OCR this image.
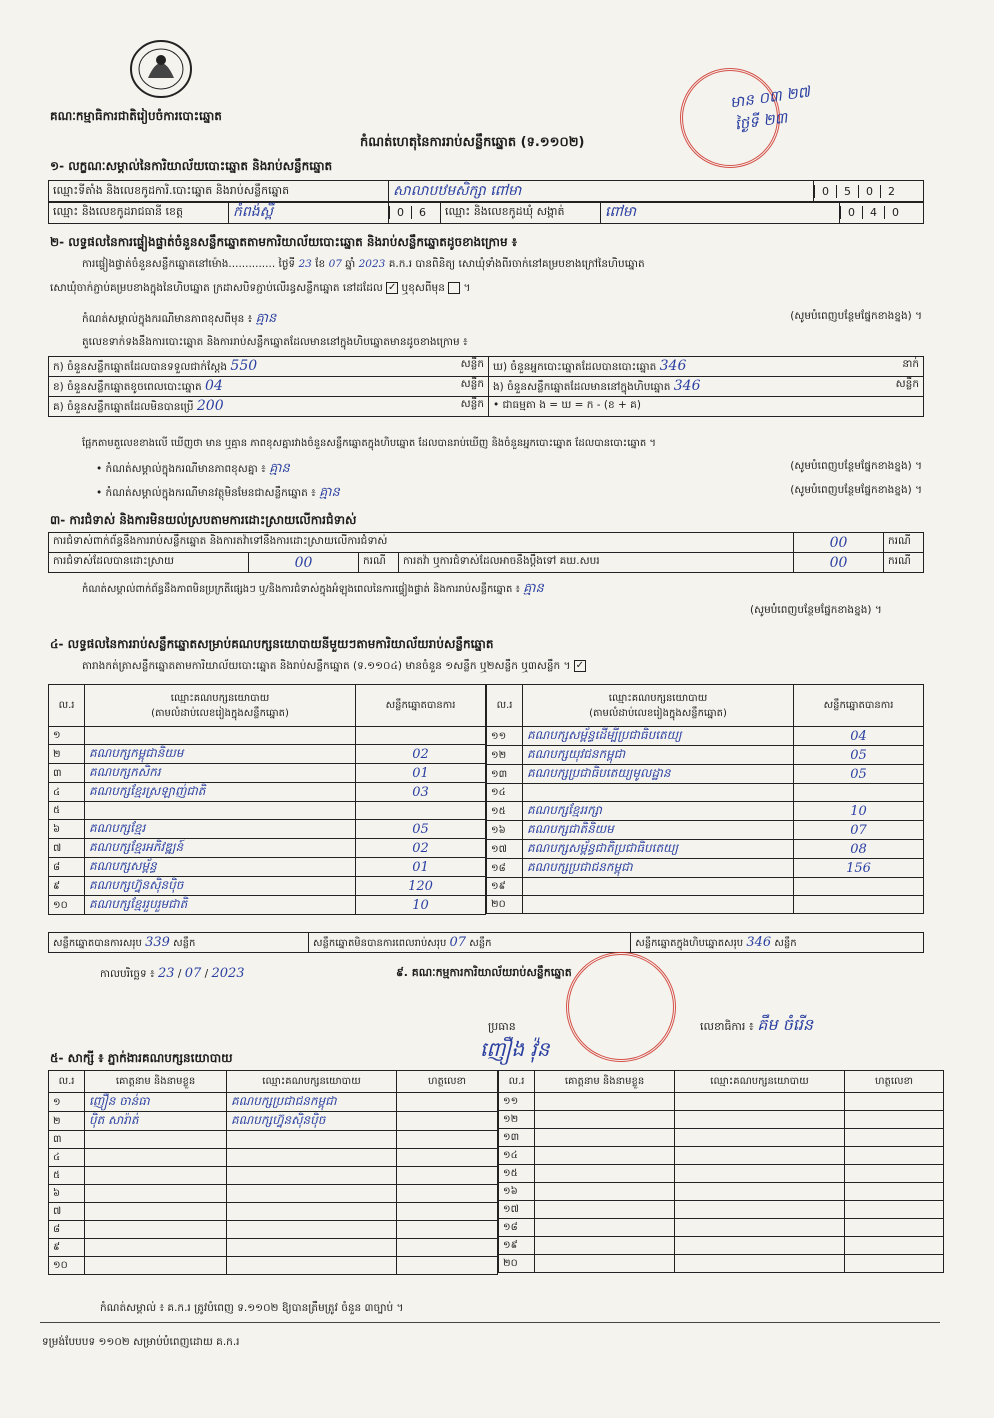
គណៈ​កម្មាធិការជាតិរៀបចំការបោះឆ្នោត
កំណត់ហេតុនៃការរាប់សន្លឹកឆ្នោត (ទ.១១០២)
មាន ០៣ ២៧
ថ្ងៃទី ២៣
១- លក្ខណៈសម្គាល់នៃការិយាល័យបោះឆ្នោត និងរាប់សន្លឹកឆ្នោត
ឈ្មោះទីតាំង និងលេខកូដការិ.បោះឆ្នោត និងរាប់សន្លឹកឆ្នោត	សាលាបឋមសិក្សា ពៅមា	0 5 0 2
ឈ្មោះ និងលេខកូដរាជធានី ខេត្ត	កំពង់ស្ពឺ	0 6	ឈ្មោះ និងលេខកូដឃុំ សង្កាត់	ពៅមា	0 4 0
២- លទ្ធផលនៃការផ្ទៀងផ្ទាត់ចំនួនសន្លឹកឆ្នោតតាមការិយាល័យបោះឆ្នោត និងរាប់សន្លឹកឆ្នោតដូចខាងក្រោម ៖
ការផ្ទៀងផ្ទាត់ចំនួនសន្លឹកឆ្នោតនៅម៉ោង.............. ថ្ងៃទី 23 ខែ 07 ឆ្នាំ 2023 គ.ក.រ បានពិនិត្យ សោឃុំទាំងពីរចាក់នៅគម្របខាងក្រៅនៃហិបឆ្នោត
សោឃុំចាក់ភ្ជាប់គម្របខាងក្នុងនៃហិបឆ្នោត ក្រដាសបិទភ្ជាប់លើរន្ធសន្លឹកឆ្នោត នៅដដែល ✓ ឬខុសពីមុន  ។
កំណត់សម្គាល់ក្នុងករណីមានភាពខុសពីមុន ៖ គ្មាន	(សូមបំពេញបន្ថែមផ្នែកខាងខ្នង) ។
តួលេខទាក់ទងនឹងការបោះឆ្នោត និងការរាប់សន្លឹកឆ្នោតដែលមាននៅក្នុងហិបឆ្នោតមានដូចខាងក្រោម ៖
ក) ចំនួនសន្លឹកឆ្នោតដែលបានទទួលជាក់ស្តែង 550 សន្លឹក	ឃ) ចំនួនអ្នកបោះឆ្នោតដែលបានបោះឆ្នោត 346 នាក់

ខ) ចំនួនសន្លឹកឆ្នោតខូចពេលបោះឆ្នោត 04 សន្លឹក	ង) ចំនួនសន្លឹកឆ្នោតដែលមាននៅក្នុងហិបឆ្នោត 346 សន្លឹក

គ) ចំនួនសន្លឹកឆ្នោតដែលមិនបានប្រើ 200 សន្លឹក	• ជាធម្មតា ង = ឃ = ក - (ខ + គ)
ផ្អែកតាមតួលេខខាងលើ ឃើញថា មាន ឬគ្មាន ភាពខុសគ្នារវាងចំនួនសន្លឹកឆ្នោតក្នុងហិបឆ្នោត ដែលបានរាប់ឃើញ និងចំនួនអ្នកបោះឆ្នោត ដែលបានបោះឆ្នោត ។
• កំណត់សម្គាល់ក្នុងករណីមានភាពខុសគ្នា ៖ គ្មាន	(សូមបំពេញបន្ថែមផ្នែកខាងខ្នង) ។
• កំណត់សម្គាល់ក្នុងករណីមានវត្ថុមិនមែនជាសន្លឹកឆ្នោត ៖ គ្មាន	(សូមបំពេញបន្ថែមផ្នែកខាងខ្នង) ។
៣- ការជំទាស់ និងការមិនយល់ស្របតាមការដោះស្រាយលើការជំទាស់
ការជំទាស់ពាក់ព័ន្ធនឹងការរាប់សន្លឹកឆ្នោត និងការតវ៉ាទៅនឹងការដោះស្រាយលើការជំទាស់				00	ករណី
ការជំទាស់ដែលបានដោះស្រាយ	00	ករណី	ការតវ៉ា ឬការជំទាស់ដែលអាចនឹងប្តឹងទៅ គឃ.សបរ	00	ករណី
កំណត់សម្គាល់ពាក់ព័ន្ធនឹងភាពមិនប្រក្រតីផ្សេងៗ ឬ/និងការជំទាស់ក្នុងអំឡុងពេលនៃការផ្ទៀងផ្ទាត់ និងការរាប់សន្លឹកឆ្នោត ៖ គ្មាន
(សូមបំពេញបន្ថែមផ្នែកខាងខ្នង) ។
៤- លទ្ធផលនៃការរាប់សន្លឹកឆ្នោតសម្រាប់គណបក្សនយោបាយនីមួយៗតាមការិយាល័យរាប់សន្លឹកឆ្នោត
តារាងកត់ត្រាសន្លឹកឆ្នោតតាមការិយាល័យបោះឆ្នោត និងរាប់សន្លឹកឆ្នោត (ទ.១១០៤) មានចំនួន ១សន្លឹក ឬ២សន្លឹក ឬ៣សន្លឹក ។ ✓
ល.រ	ឈ្មោះគណបក្សនយោបាយ
(តាមលំដាប់លេខរៀងក្នុងសន្លឹកឆ្នោត)	សន្លឹកឆ្នោតបានការ
១		
២	គណបក្សកម្ពុជានិយម	02
៣	គណបក្សកសិករ	01
៤	គណបក្សខ្មែរស្រឡាញ់ជាតិ	03
៥		
៦	គណបក្សខ្មែរ	05
៧	គណបក្សខ្មែរអភិវឌ្ឍន៍	02
៨	គណបក្សសម្ព័ន្ធ	01
៩	គណបក្សហ្វ៊ុនស៊ិនប៉ិច	120
១០	គណបក្សខ្មែររួបរួមជាតិ	10
ល.រ	ឈ្មោះគណបក្សនយោបាយ
(តាមលំដាប់លេខរៀងក្នុងសន្លឹកឆ្នោត)	សន្លឹកឆ្នោតបានការ
១១	គណបក្សសម្ព័ន្ធដើម្បីប្រជាធិបតេយ្យ	04
១២	គណបក្សយុវជនកម្ពុជា	05
១៣	គណបក្សប្រជាធិបតេយ្យមូលដ្ឋាន	05
១៤		
១៥	គណបក្សខ្មែររក្សា	10
១៦	គណបក្សជាតិនិយម	07
១៧	គណបក្សសម្ព័ន្ធជាតិប្រជាធិបតេយ្យ	08
១៨	គណបក្សប្រជាជនកម្ពុជា	156
១៩		
២០		
សន្លឹកឆ្នោតបានការសរុប 339 សន្លឹក	សន្លឹកឆ្នោតមិនបានការពេលរាប់សរុប 07 សន្លឹក	សន្លឹកឆ្នោតក្នុងហិបឆ្នោតសរុប 346 សន្លឹក
កាលបរិច្ឆេទ ៖ 23 / 07 / 2023	៩. គណៈកម្មការការិយាល័យរាប់សន្លឹកឆ្នោត
ប្រធាន
ញឿង វ៉ុន
លេខាធិការ ៖ គឹម ចំរើន
៥- សាក្សី ៖ ភ្នាក់ងារគណបក្សនយោបាយ
ល.រ	គោត្តនាម និងនាមខ្លួន	ឈ្មោះគណបក្សនយោបាយ	ហត្ថលេខា
១	ញឿន ចាន់ធា	គណបក្សប្រជាជនកម្ពុជា	
២	ប៉ិត សារ៉ាត់	គណបក្សហ្វ៊ុនស៊ិនប៉ិច	
៣			
៤			
៥			
៦			
៧			
៨			
៩			
១០			
ល.រ	គោត្តនាម និងនាមខ្លួន	ឈ្មោះគណបក្សនយោបាយ	ហត្ថលេខា
១១			
១២			
១៣			
១៤			
១៥			
១៦			
១៧			
១៨			
១៩			
២០			
កំណត់សម្គាល់ ៖ គ.ក.រ ត្រូវបំពេញ ទ.១១០២ ឱ្យបានត្រឹមត្រូវ ចំនួន ៣ច្បាប់ ។
ទម្រង់បែបបទ ១១០២ សម្រាប់បំពេញដោយ គ.ក.រ
